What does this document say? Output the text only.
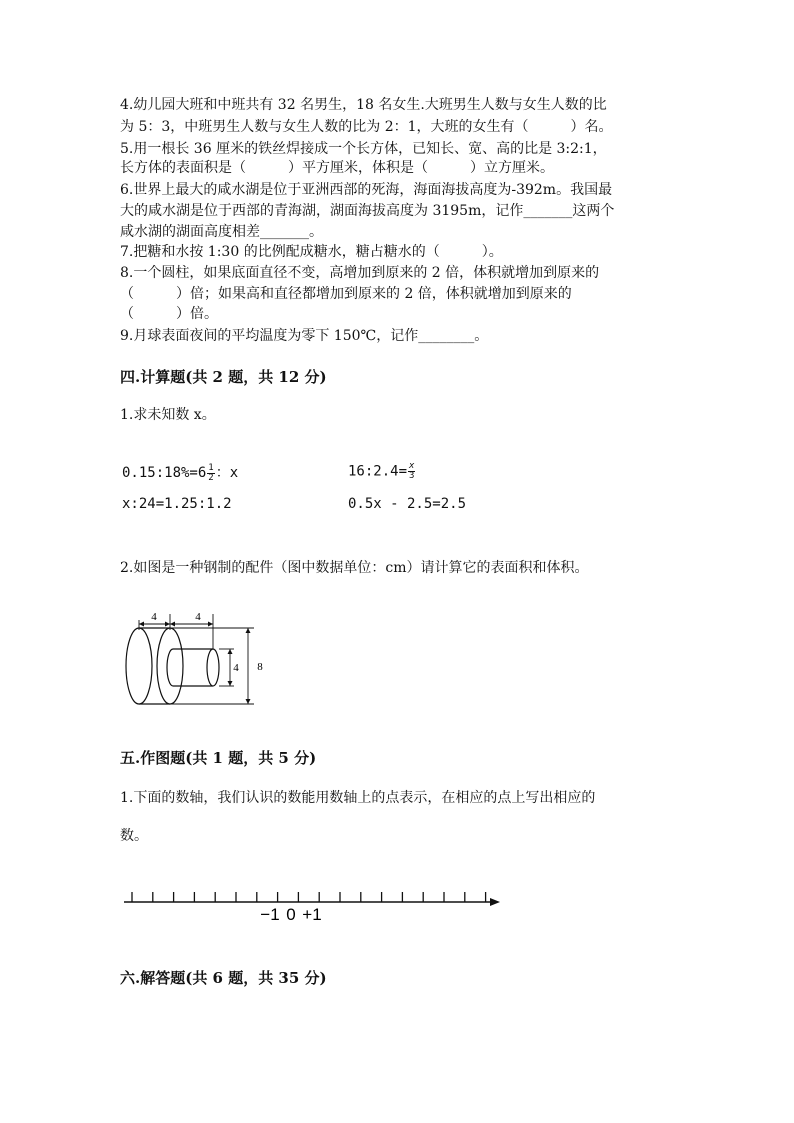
4.幼儿园大班和中班共有 32 名男生，18 名女生.大班男生人数与女生人数的比
为 5：3，中班男生人数与女生人数的比为 2：1，大班的女生有（　　　）名。
5.用一根长 36 厘米的铁丝焊接成一个长方体，已知长、宽、高的比是 3:2:1，
长方体的表面积是（　　　）平方厘米，体积是（　　　）立方厘米。
6.世界上最大的咸水湖是位于亚洲西部的死海，海面海拔高度为-392m。我国最
大的咸水湖是位于西部的青海湖，湖面海拔高度为 3195m，记作_______这两个
咸水湖的湖面高度相差_______。
7.把糖和水按 1:30 的比例配成糖水，糖占糖水的（　　　）。
8.一个圆柱，如果底面直径不变，高增加到原来的 2 倍，体积就增加到原来的
（　　　）倍；如果高和直径都增加到原来的 2 倍，体积就增加到原来的
（　　　）倍。
9.月球表面夜间的平均温度为零下 150℃，记作________。
四.计算题(共 2 题，共 12 分)
1.求未知数 x。
0.15:18%=6 $\frac{1}{2}$ ：x	16:2.4= $\frac{x}{3}$
x:24=1.25:1.2	0.5x - 2.5=2.5
2.如图是一种钢制的配件（图中数据单位：cm）请计算它的表面积和体积。
4	4
4 8
五.作图题(共 1 题，共 5 分)
1.下面的数轴，我们认识的数能用数轴上的点表示，在相应的点上写出相应的
数。
−1 0 +1
六.解答题(共 6 题，共 35 分)
